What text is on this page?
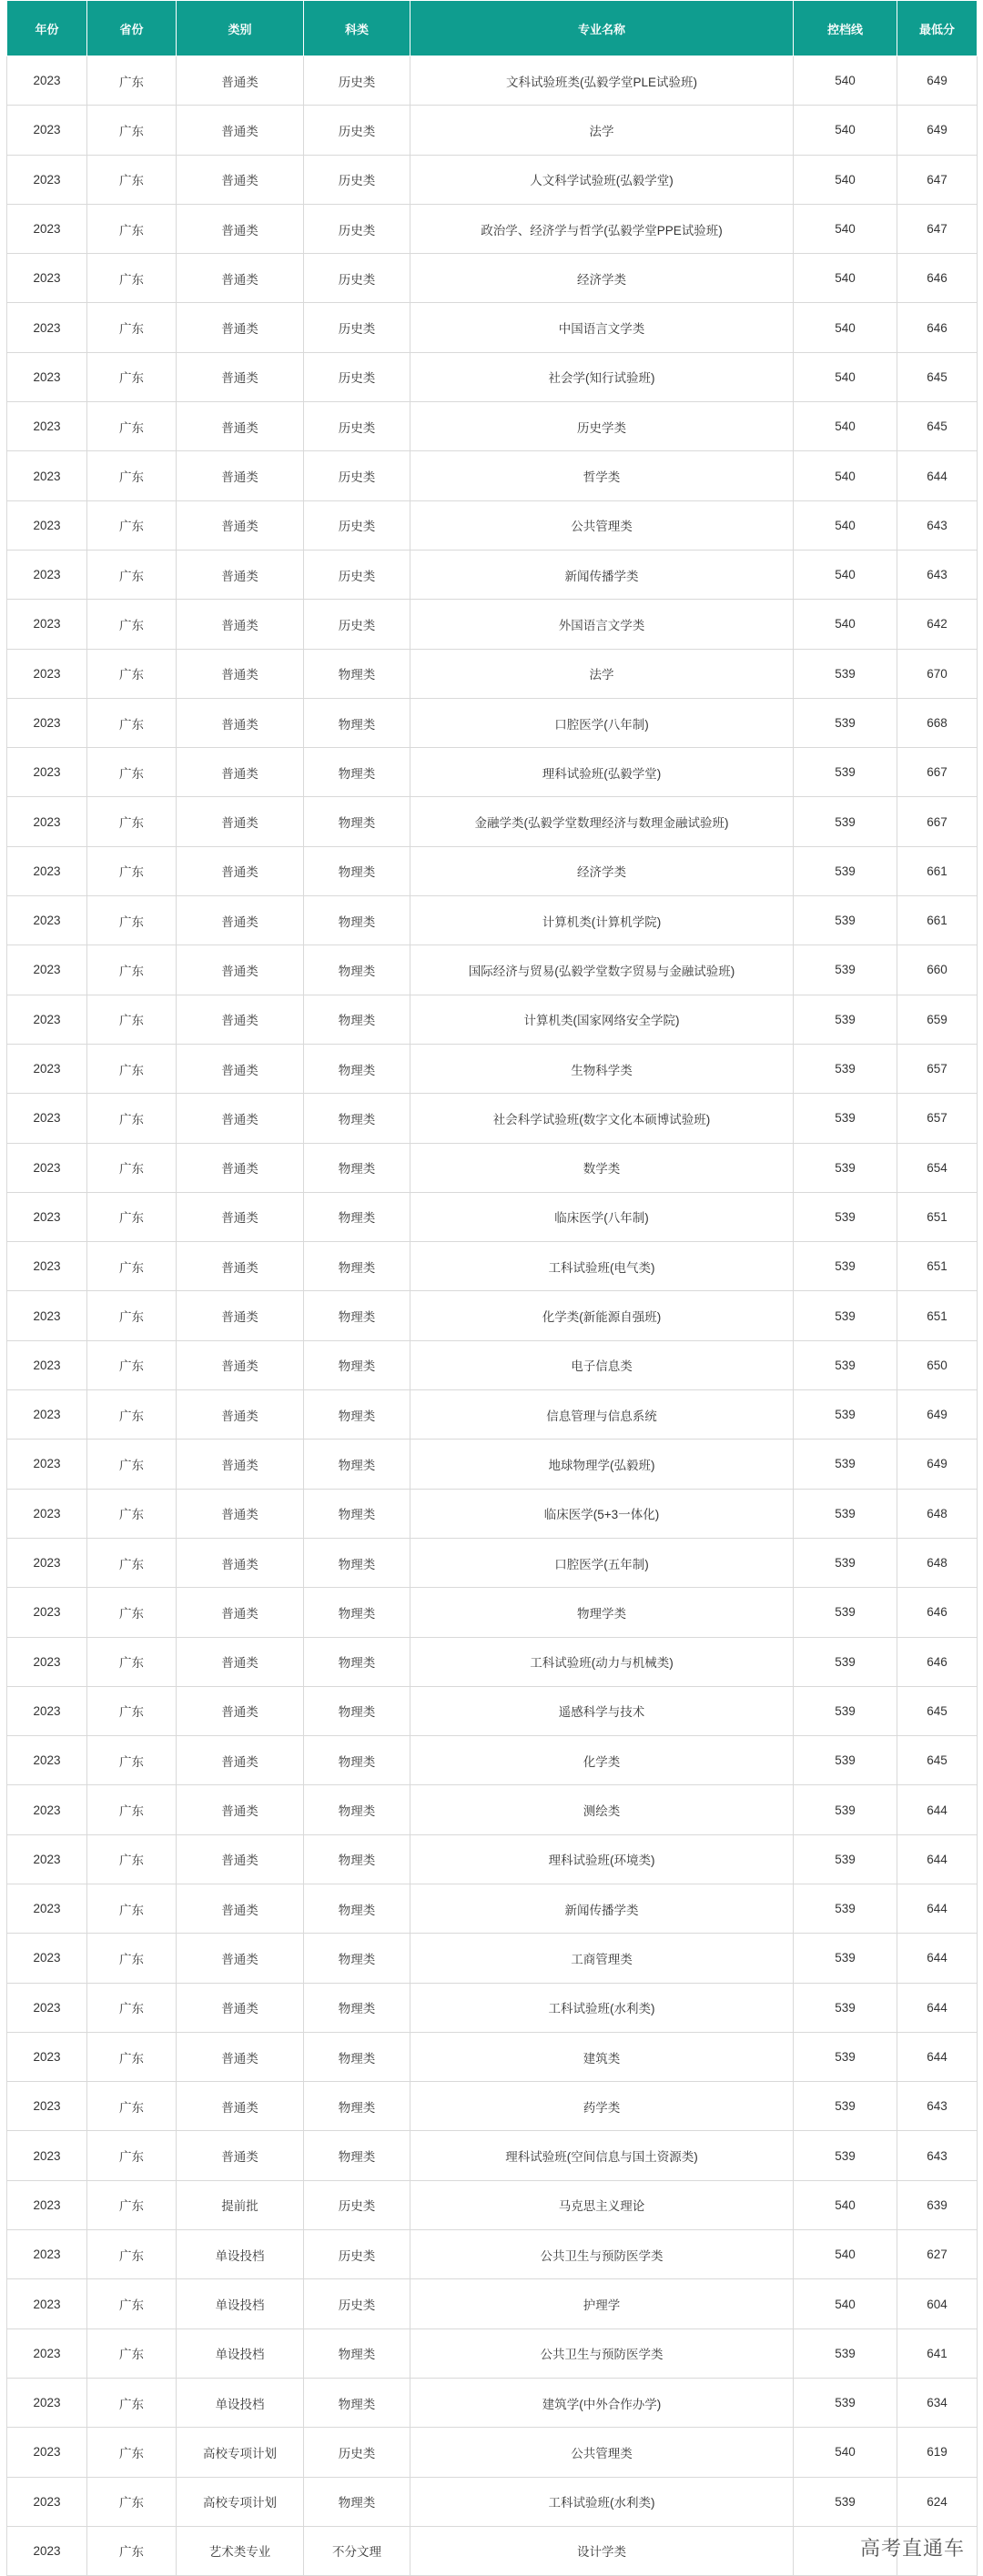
年份	省份	类别	科类	专业名称	控档线	最低分
2023	广东	普通类	历史类	文科试验班类(弘毅学堂PLE试验班)	540	649
2023	广东	普通类	历史类	法学	540	649
2023	广东	普通类	历史类	人文科学试验班(弘毅学堂)	540	647
2023	广东	普通类	历史类	政治学、经济学与哲学(弘毅学堂PPE试验班)	540	647
2023	广东	普通类	历史类	经济学类	540	646
2023	广东	普通类	历史类	中国语言文学类	540	646
2023	广东	普通类	历史类	社会学(知行试验班)	540	645
2023	广东	普通类	历史类	历史学类	540	645
2023	广东	普通类	历史类	哲学类	540	644
2023	广东	普通类	历史类	公共管理类	540	643
2023	广东	普通类	历史类	新闻传播学类	540	643
2023	广东	普通类	历史类	外国语言文学类	540	642
2023	广东	普通类	物理类	法学	539	670
2023	广东	普通类	物理类	口腔医学(八年制)	539	668
2023	广东	普通类	物理类	理科试验班(弘毅学堂)	539	667
2023	广东	普通类	物理类	金融学类(弘毅学堂数理经济与数理金融试验班)	539	667
2023	广东	普通类	物理类	经济学类	539	661
2023	广东	普通类	物理类	计算机类(计算机学院)	539	661
2023	广东	普通类	物理类	国际经济与贸易(弘毅学堂数字贸易与金融试验班)	539	660
2023	广东	普通类	物理类	计算机类(国家网络安全学院)	539	659
2023	广东	普通类	物理类	生物科学类	539	657
2023	广东	普通类	物理类	社会科学试验班(数字文化本硕博试验班)	539	657
2023	广东	普通类	物理类	数学类	539	654
2023	广东	普通类	物理类	临床医学(八年制)	539	651
2023	广东	普通类	物理类	工科试验班(电气类)	539	651
2023	广东	普通类	物理类	化学类(新能源自强班)	539	651
2023	广东	普通类	物理类	电子信息类	539	650
2023	广东	普通类	物理类	信息管理与信息系统	539	649
2023	广东	普通类	物理类	地球物理学(弘毅班)	539	649
2023	广东	普通类	物理类	临床医学(5+3一体化)	539	648
2023	广东	普通类	物理类	口腔医学(五年制)	539	648
2023	广东	普通类	物理类	物理学类	539	646
2023	广东	普通类	物理类	工科试验班(动力与机械类)	539	646
2023	广东	普通类	物理类	遥感科学与技术	539	645
2023	广东	普通类	物理类	化学类	539	645
2023	广东	普通类	物理类	测绘类	539	644
2023	广东	普通类	物理类	理科试验班(环境类)	539	644
2023	广东	普通类	物理类	新闻传播学类	539	644
2023	广东	普通类	物理类	工商管理类	539	644
2023	广东	普通类	物理类	工科试验班(水利类)	539	644
2023	广东	普通类	物理类	建筑类	539	644
2023	广东	普通类	物理类	药学类	539	643
2023	广东	普通类	物理类	理科试验班(空间信息与国土资源类)	539	643
2023	广东	提前批	历史类	马克思主义理论	540	639
2023	广东	单设投档	历史类	公共卫生与预防医学类	540	627
2023	广东	单设投档	历史类	护理学	540	604
2023	广东	单设投档	物理类	公共卫生与预防医学类	539	641
2023	广东	单设投档	物理类	建筑学(中外合作办学)	539	634
2023	广东	高校专项计划	历史类	公共管理类	540	619
2023	广东	高校专项计划	物理类	工科试验班(水利类)	539	624
2023	广东	艺术类专业	不分文理	设计学类			高考直通车
